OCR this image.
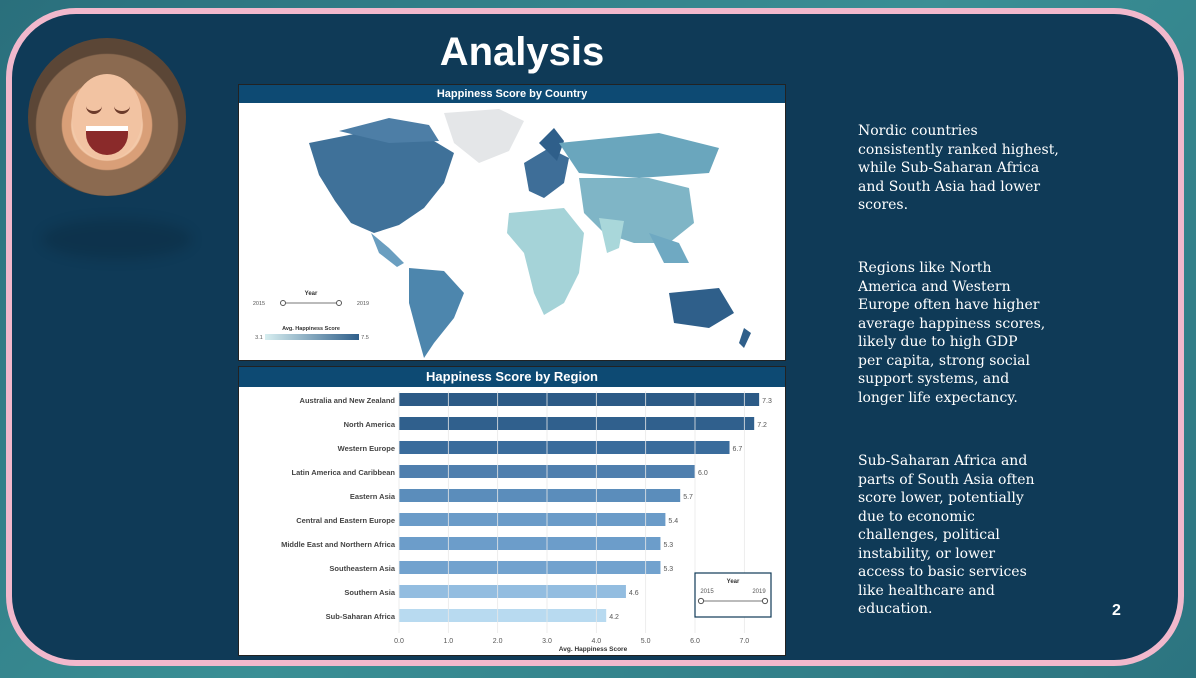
Analysis
Happiness Score by Country
Year
2015	2019
Avg. Happiness Score
3.1	7.5
Happiness Score by Region
Australia and New Zealand	7.3
North America	7.2
Western Europe	6.7
Latin America and Caribbean	6.0
Eastern Asia	5.7
Central and Eastern Europe	5.4
Middle East and Northern Africa	5.3
Southeastern Asia	5.3
Southern Asia	4.6
Sub-Saharan Africa	4.2
0.0	1.0	2.0	3.0	4.0	5.0	6.0	7.0
Avg. Happiness Score
Year
2015	2019
Nordic countries
consistently ranked highest,
while Sub-Saharan Africa
and South Asia had lower
scores.
Regions like North
America and Western
Europe often have higher
average happiness scores,
likely due to high GDP
per capita, strong social
support systems, and
longer life expectancy.
Sub-Saharan Africa and
parts of South Asia often
score lower, potentially
due to economic
challenges, political
instability, or lower
access to basic services
like healthcare and
education.	2
